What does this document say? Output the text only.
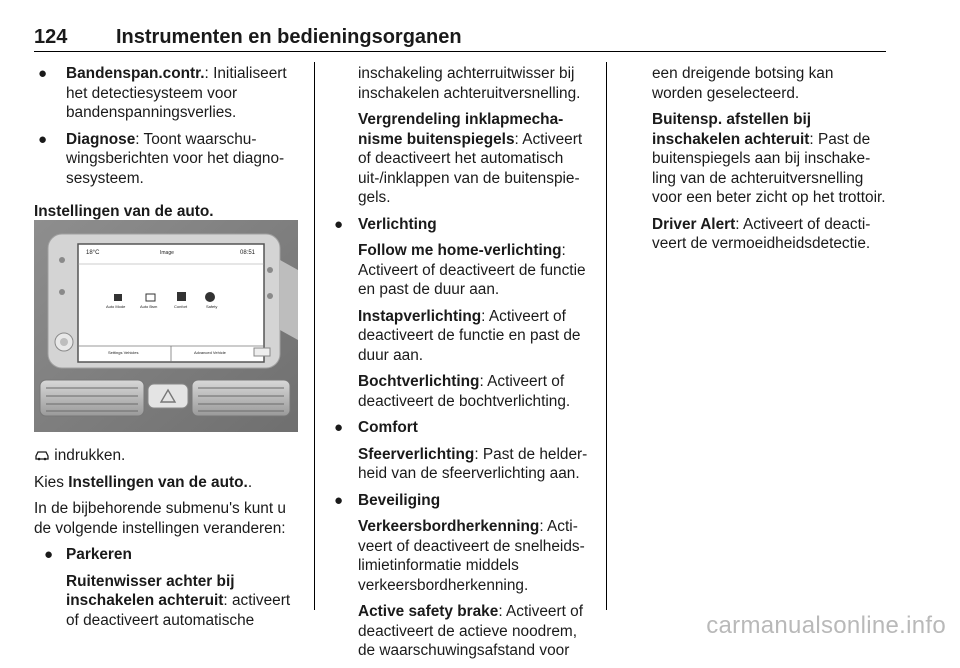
124 Instrumenten en bedieningsorganen
● Bandenspan.contr.: Initialiseert het detectiesysteem voor bandenspanningsverlies.
● Diagnose: Toont waarschuwingsberichten voor het diagnosesysteem.

Instellingen van de auto.

18°C	Image	08:51
Auto Mode	Auto Bsm	Confort	Safety
Settings Vehicles	Advanced Vehicle

indrukken.

Kies Instellingen van de auto..

In de bijbehorende submenu's kunt u de volgende instellingen veranderen:

● Parkeren
Ruitenwisser achter bij inschakelen achteruit: activeert of deactiveert automatische

inschakeling achterruitwisser bij inschakelen achteruitversnelling.

Vergrendeling inklapmechanisme buitenspiegels: Activeert of deactiveert het automatisch uit-/inklappen van de buitenspiegels.

● Verlichting

Follow me home-verlichting: Activeert of deactiveert de functie en past de duur aan.

Instapverlichting: Activeert of deactiveert de functie en past de duur aan.

Bochtverlichting: Activeert of deactiveert de bochtverlichting.

● Comfort

Sfeerverlichting: Past de helderheid van de sfeerverlichting aan.

● Beveiliging

Verkeersbordherkenning: Activeert of deactiveert de snelheidslimietinformatie middels verkeersbordherkenning.

Active safety brake: Activeert of deactiveert de actieve noodrem, de waarschuwingsafstand voor

een dreigende botsing kan worden geselecteerd.

Buitensp. afstellen bij inschakelen achteruit: Past de buitenspiegels aan bij inschakeling van de achteruitversnelling voor een beter zicht op het trottoir.

Driver Alert: Activeert of deactiveert de vermoeidheidsdetectie.

carmanualsonline.info
